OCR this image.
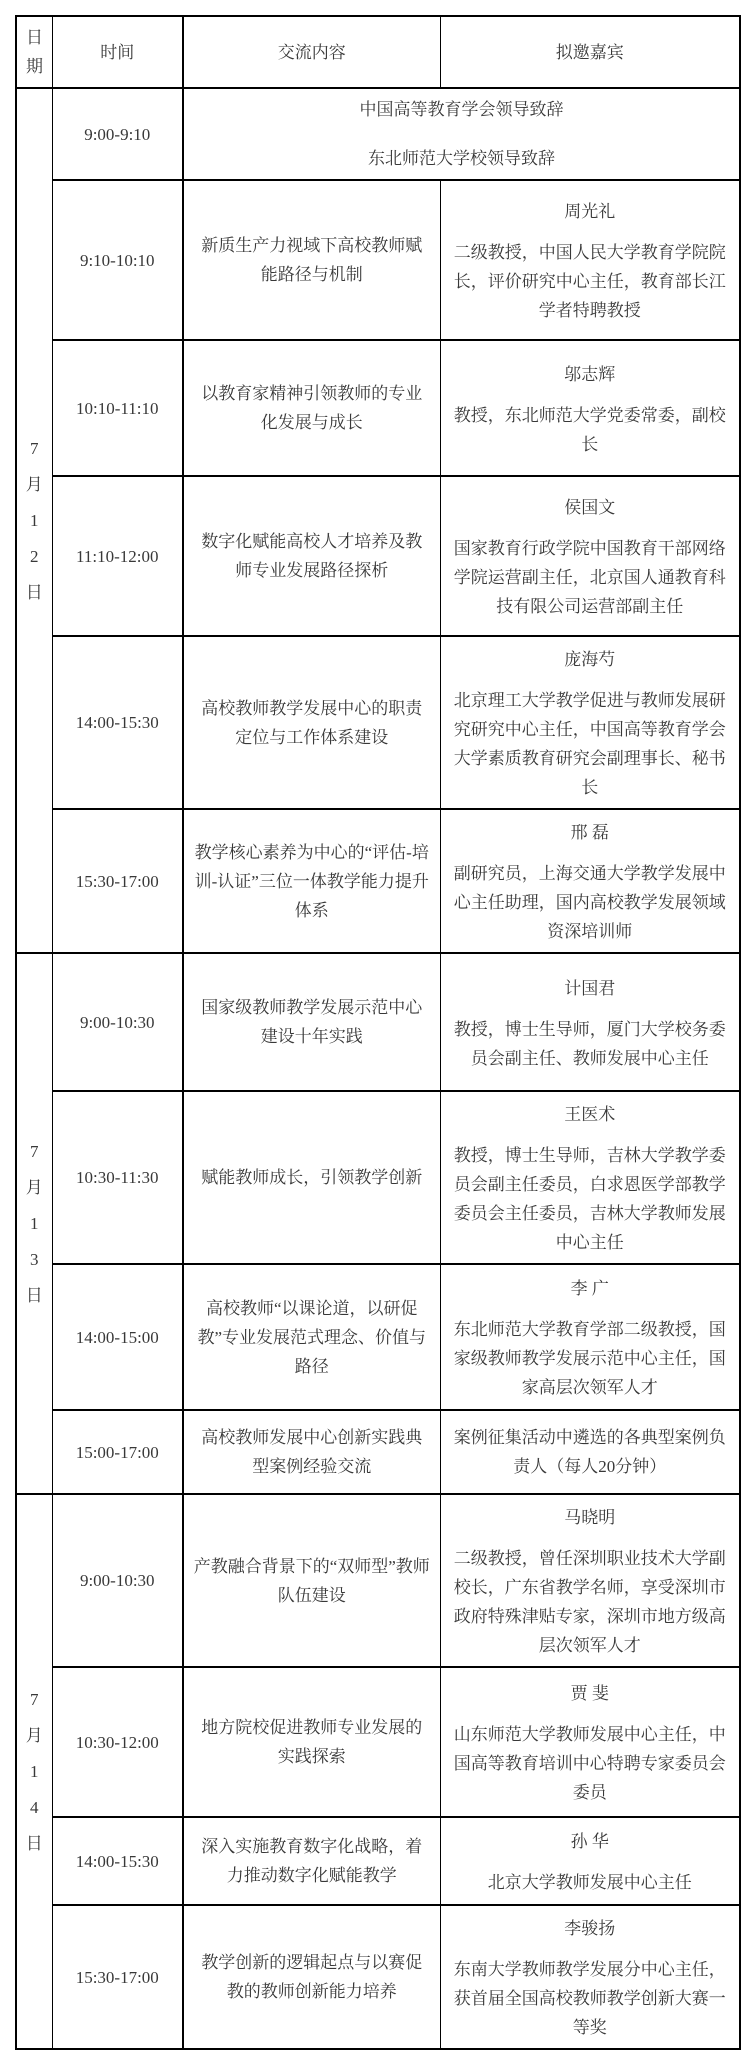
日期	时间	交流内容	拟邀嘉宾

7
月
1
2
日
	9:00-9:10	
中国高等教育学会领导致辞
东北师范大学校领导致辞

	9:10-10:10	新质生产力视域下高校教师赋能路径与机制	周光礼
二级教授，中国人民大学教育学院院长，评价研究中心主任，教育部长江学者特聘教授

	10:10-11:10	以教育家精神引领教师的专业化发展与成长	邬志辉
教授，东北师范大学党委常委，副校长

	11:10-12:00	数字化赋能高校人才培养及教师专业发展路径探析	侯国文
国家教育行政学院中国教育干部网络学院运营副主任，北京国人通教育科技有限公司运营部副主任

	14:00-15:30	高校教师教学发展中心的职责定位与工作体系建设	庞海芍
北京理工大学教学促进与教师发展研究研究中心主任，中国高等教育学会大学素质教育研究会副理事长、秘书长

	15:30-17:00	教学核心素养为中心的“评估-培训-认证”三位一体教学能力提升体系	邢 磊
副研究员，上海交通大学教学发展中心主任助理，国内高校教学发展领域资深培训师

7
月
1
3
日
	9:00-10:30	国家级教师教学发展示范中心建设十年实践	
计国君
教授，博士生导师，厦门大学校务委员会副主任、教师发展中心主任

	10:30-11:30	赋能教师成长，引领教学创新	王医术
教授，博士生导师，吉林大学教学委员会副主任委员，白求恩医学部教学委员会主任委员，吉林大学教师发展中心主任

	14:00-15:00	高校教师“以课论道，以研促教”专业发展范式理念、价值与路径	李 广
东北师范大学教育学部二级教授，国家级教师教学发展示范中心主任，国家高层次领军人才

	15:00-17:00	高校教师发展中心创新实践典型案例经验交流	案例征集活动中遴选的各典型案例负责人（每人20分钟）

7
月
1
4
日
	9:00-10:30	产教融合背景下的“双师型”教师队伍建设	
马晓明
二级教授，曾任深圳职业技术大学副校长，广东省教学名师，享受深圳市政府特殊津贴专家，深圳市地方级高层次领军人才

	10:30-12:00	地方院校促进教师专业发展的实践探索	贾 斐
山东师范大学教师发展中心主任，中国高等教育培训中心特聘专家委员会委员

	14:00-15:30	深入实施教育数字化战略，着力推动数字化赋能教学	孙 华
北京大学教师发展中心主任

	15:30-17:00	教学创新的逻辑起点与以赛促教的教师创新能力培养	李骏扬
东南大学教师教学发展分中心主任，获首届全国高校教师教学创新大赛一等奖
